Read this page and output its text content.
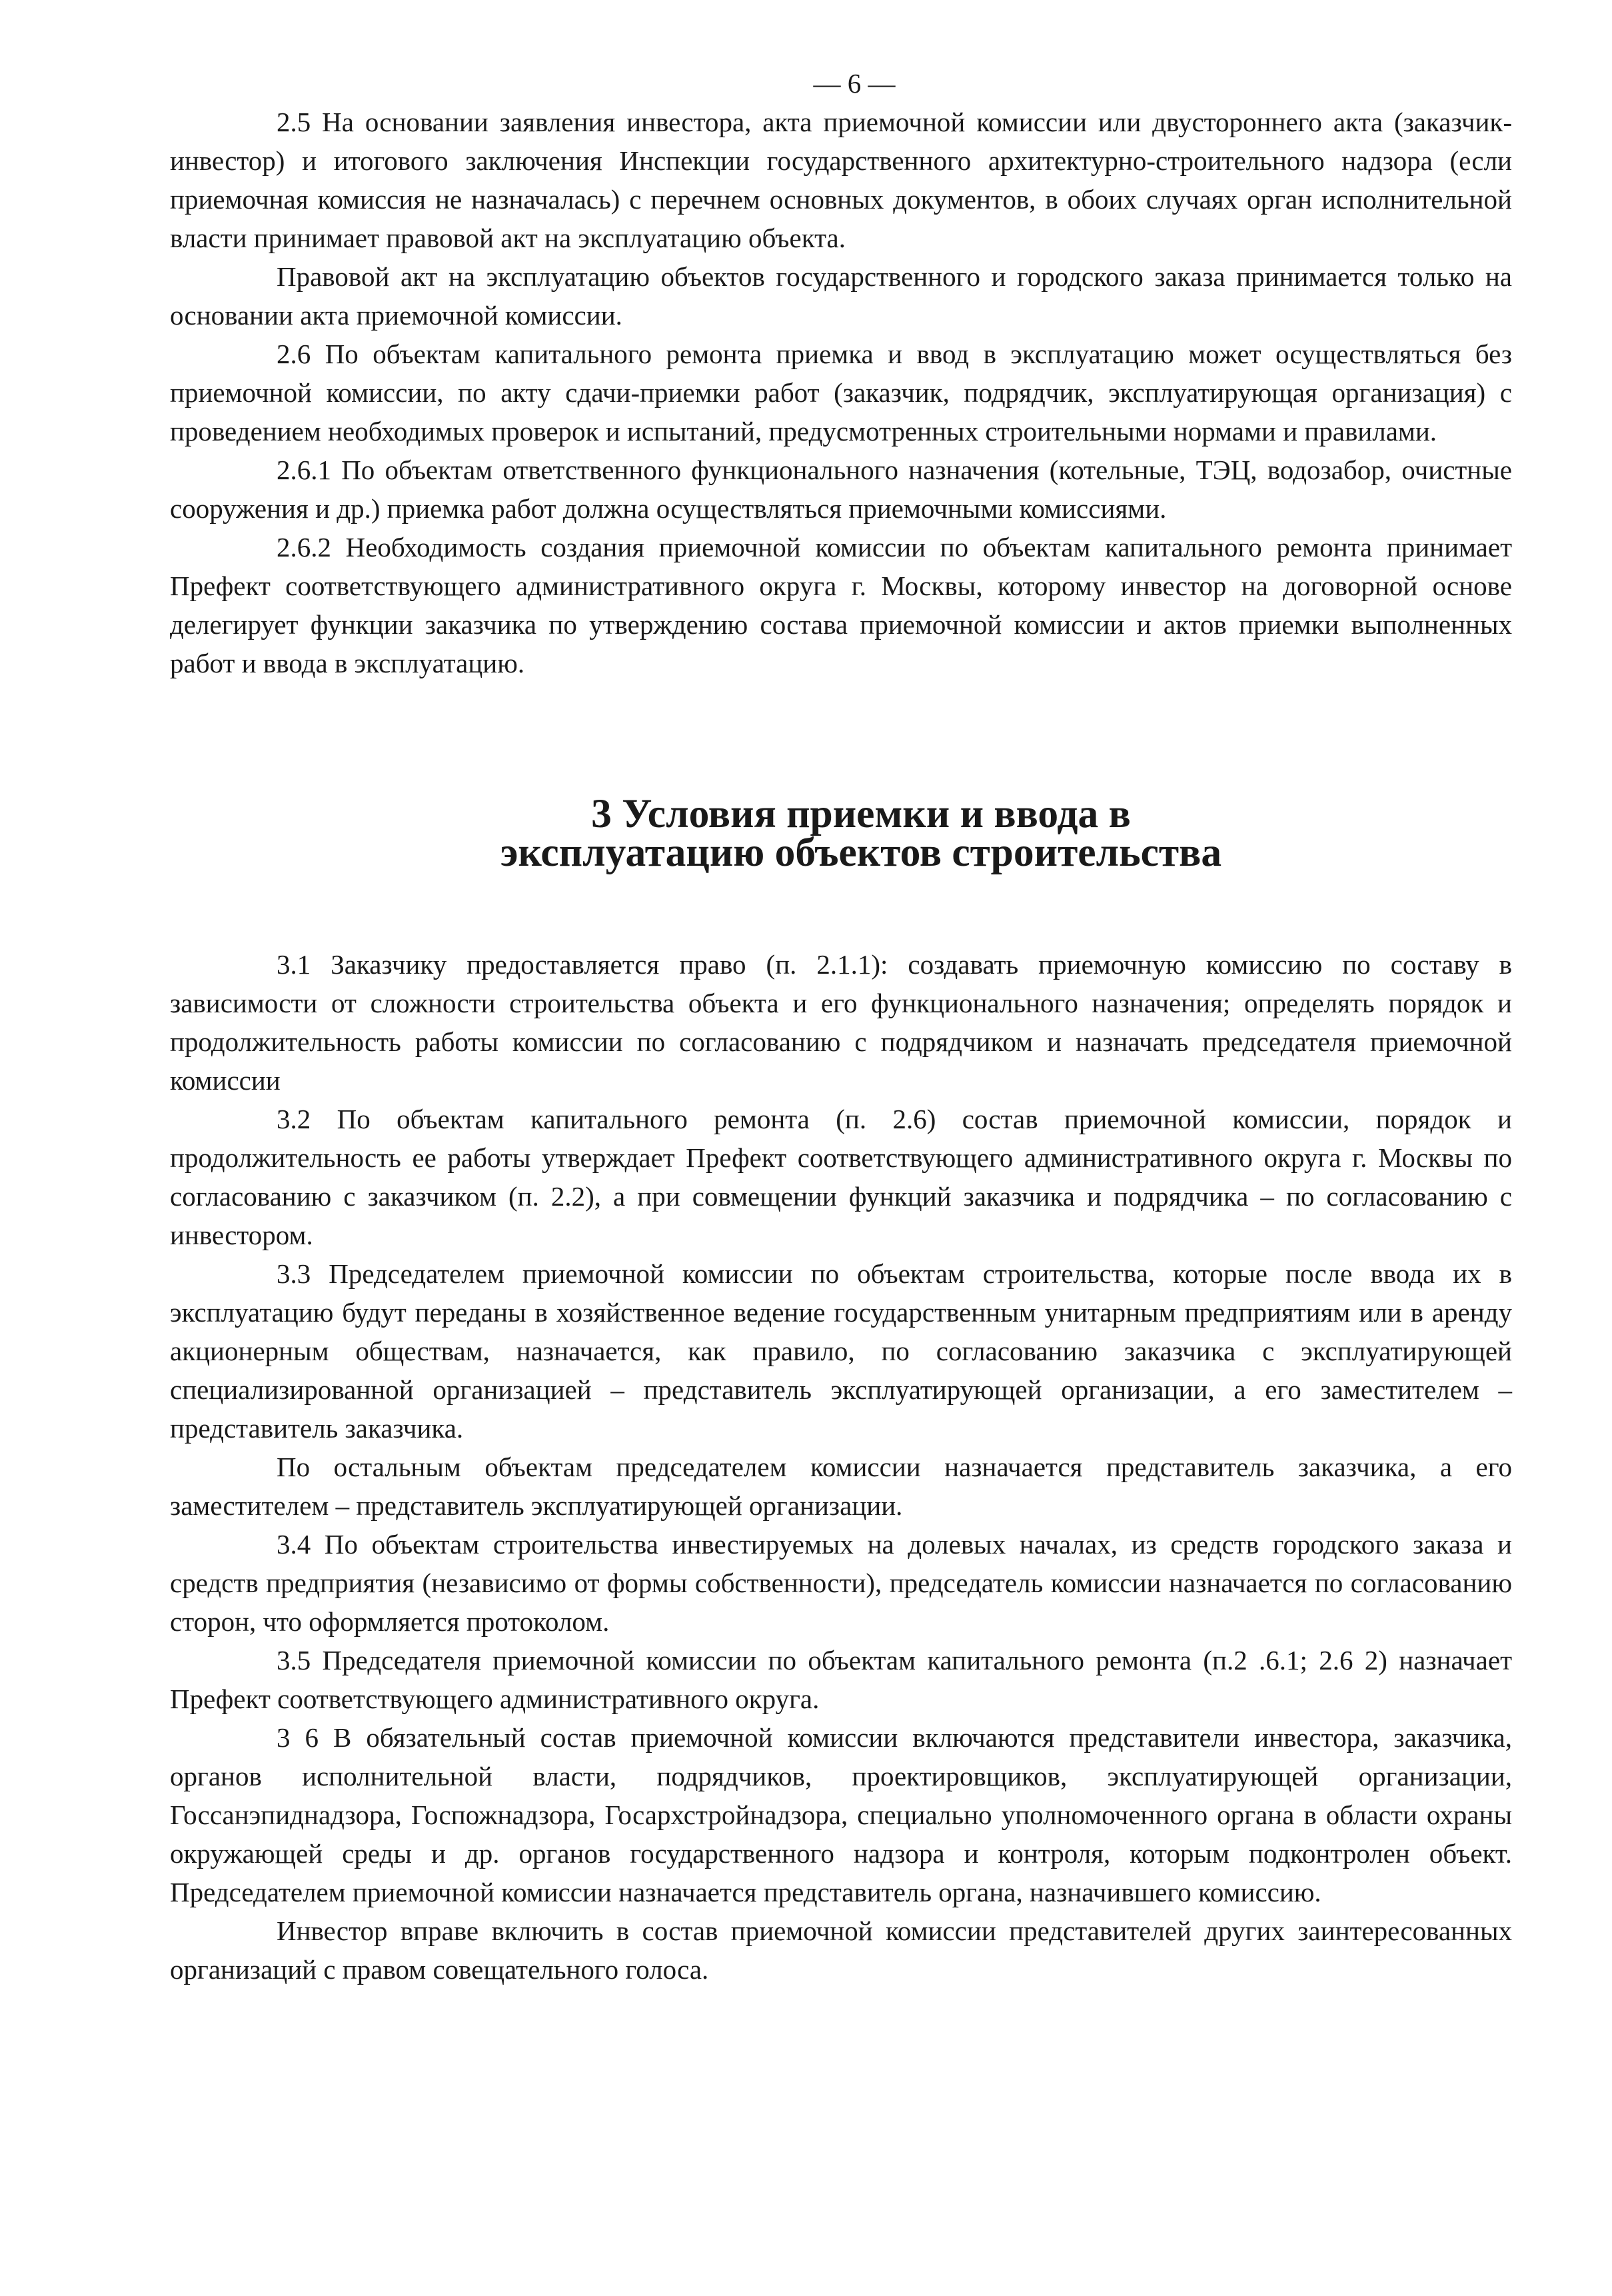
— 6 —

2.5 На основании заявления инвестора, акта приемочной комиссии или двустороннего акта (заказчик-инвестор) и итогового заключения Инспекции государственного архитектурно-строительного надзора (если приемочная комиссия не назначалась) с перечнем основных документов, в обоих случаях орган исполнительной власти принимает правовой акт на эксплуатацию объекта.

Правовой акт на эксплуатацию объектов государственного и городского заказа принимается только на основании акта приемочной комиссии.

2.6 По объектам капитального ремонта приемка и ввод в эксплуатацию может осуществляться без приемочной комиссии, по акту сдачи-приемки работ (заказчик, подрядчик, эксплуатирующая организация) с проведением необходимых проверок и испытаний, предусмотренных строительными нормами и правилами.

2.6.1 По объектам ответственного функционального назначения (котельные, ТЭЦ, водозабор, очистные сооружения и др.) приемка работ должна осуществляться приемочными комиссиями.

2.6.2 Необходимость создания приемочной комиссии по объектам капитального ремонта принимает Префект соответствующего административного округа г. Москвы, которому инвестор на договорной основе делегирует функции заказчика по утверждению состава приемочной комиссии и актов приемки выполненных работ и ввода в эксплуатацию.

3 Условия приемки и ввода в
эксплуатацию объектов строительства

3.1 Заказчику предоставляется право (п. 2.1.1): создавать приемочную комиссию по составу в зависимости от сложности строительства объекта и его функционального назначения; определять порядок и продолжительность работы комиссии по согласованию с подрядчиком и назначать председателя приемочной комиссии

3.2 По объектам капитального ремонта (п. 2.6) состав приемочной комиссии, порядок и продолжительность ее работы утверждает Префект соответствующего административного округа г. Москвы по согласованию с заказчиком (п. 2.2), а при совмещении функций заказчика и подрядчика – по согласованию с инвестором.

3.3 Председателем приемочной комиссии по объектам строительства, которые после ввода их в эксплуатацию будут переданы в хозяйственное ведение государственным унитарным предприятиям или в аренду акционерным обществам, назначается, как правило, по согласованию заказчика с эксплуатирующей специализированной организацией – представитель эксплуатирующей организации, а его заместителем – представитель заказчика.

По остальным объектам председателем комиссии назначается представитель заказчика, а его заместителем – представитель эксплуатирующей организации.

3.4 По объектам строительства инвестируемых на долевых началах, из средств городского заказа и средств предприятия (независимо от формы собственности), председатель комиссии назначается по согласованию сторон, что оформляется протоколом.

3.5 Председателя приемочной комиссии по объектам капитального ремонта (п.2 .6.1; 2.6 2) назначает Префект соответствующего административного округа.

3 6 В обязательный состав приемочной комиссии включаются представители инвестора, заказчика, органов исполнительной власти, подрядчиков, проектировщиков, эксплуатирующей организации, Госсанэпиднадзора, Госпожнадзора, Госархстройнадзора, специально уполномоченного органа в области охраны окружающей среды и др. органов государственного надзора и контроля, которым подконтролен объект. Председателем приемочной комиссии назначается представитель органа, назначившего комиссию.

Инвестор вправе включить в состав приемочной комиссии представителей других заинтересованных организаций с правом совещательного голоса.
